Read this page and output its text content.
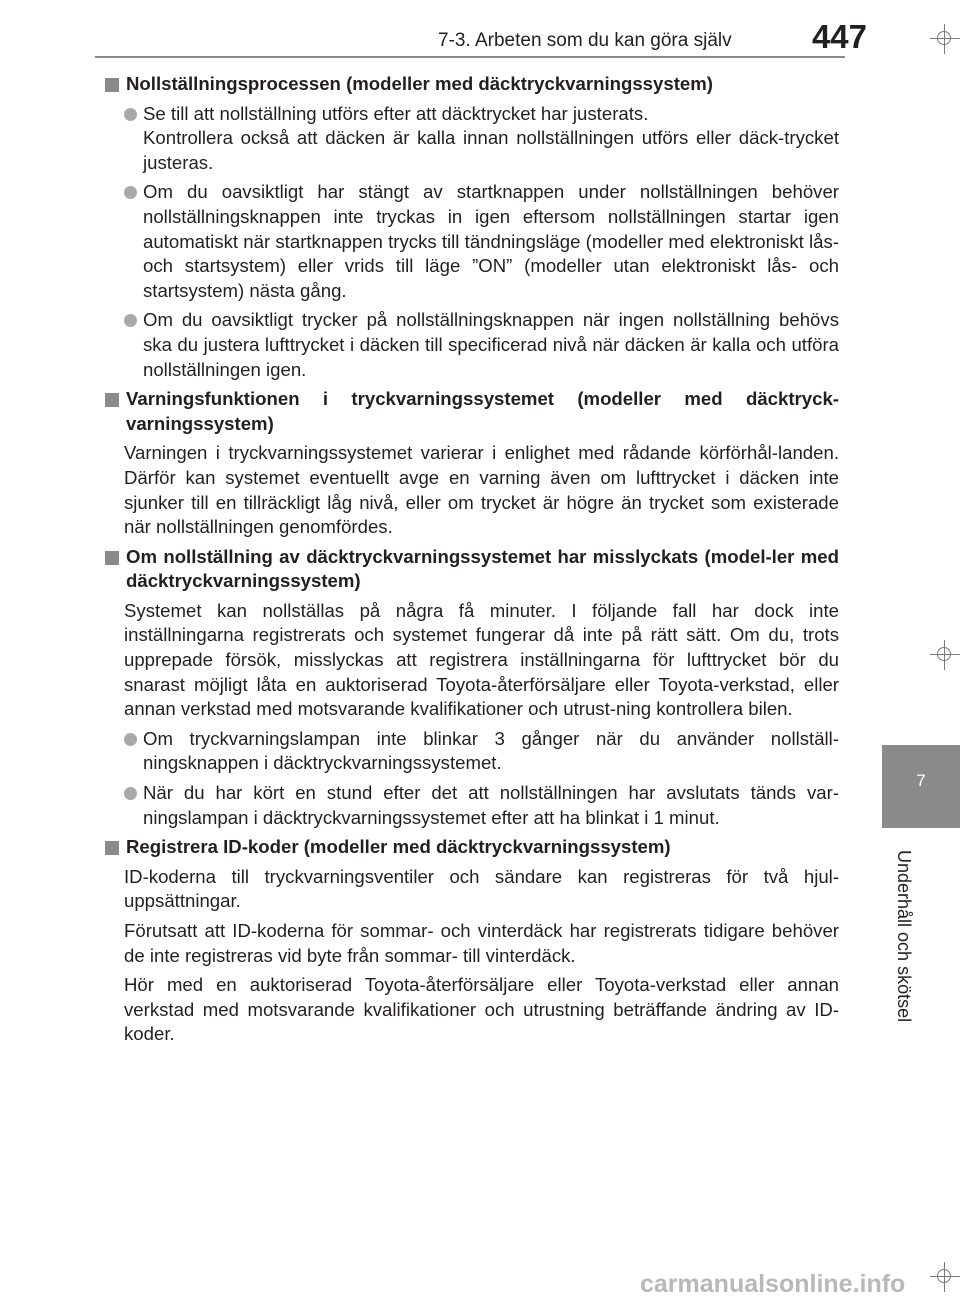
7-3. Arbeten som du kan göra själv	447
7
Underhåll och skötsel
Nollställningsprocessen (modeller med däcktryckvarningssystem)
Se till att nollställning utförs efter att däcktrycket har justerats.
Kontrollera också att däcken är kalla innan nollställningen utförs eller däck-trycket justeras.
Om du oavsiktligt har stängt av startknappen under nollställningen behöver nollställningsknappen inte tryckas in igen eftersom nollställningen startar igen automatiskt när startknappen trycks till tändningsläge (modeller med elektroniskt lås- och startsystem) eller vrids till läge ”ON” (modeller utan elektroniskt lås- och startsystem) nästa gång.
Om du oavsiktligt trycker på nollställningsknappen när ingen nollställning behövs ska du justera lufttrycket i däcken till specificerad nivå när däcken är kalla och utföra nollställningen igen.
Varningsfunktionen i tryckvarningssystemet (modeller med däcktryck-varningssystem)
Varningen i tryckvarningssystemet varierar i enlighet med rådande körförhål-landen. Därför kan systemet eventuellt avge en varning även om lufttrycket i däcken inte sjunker till en tillräckligt låg nivå, eller om trycket är högre än trycket som existerade när nollställningen genomfördes.
Om nollställning av däcktryckvarningssystemet har misslyckats (model-ler med däcktryckvarningssystem)
Systemet kan nollställas på några få minuter. I följande fall har dock inte inställningarna registrerats och systemet fungerar då inte på rätt sätt. Om du, trots upprepade försök, misslyckas att registrera inställningarna för lufttrycket bör du snarast möjligt låta en auktoriserad Toyota-återförsäljare eller Toyota-verkstad, eller annan verkstad med motsvarande kvalifikationer och utrust-ning kontrollera bilen.
Om tryckvarningslampan inte blinkar 3 gånger när du använder nollställ-ningsknappen i däcktryckvarningssystemet.
När du har kört en stund efter det att nollställningen har avslutats tänds var-ningslampan i däcktryckvarningssystemet efter att ha blinkat i 1 minut.
Registrera ID-koder (modeller med däcktryckvarningssystem)
ID-koderna till tryckvarningsventiler och sändare kan registreras för två hjul-uppsättningar.
Förutsatt att ID-koderna för sommar- och vinterdäck har registrerats tidigare behöver de inte registreras vid byte från sommar- till vinterdäck.
Hör med en auktoriserad Toyota-återförsäljare eller Toyota-verkstad eller annan verkstad med motsvarande kvalifikationer och utrustning beträffande ändring av ID-koder.
carmanualsonline.info
